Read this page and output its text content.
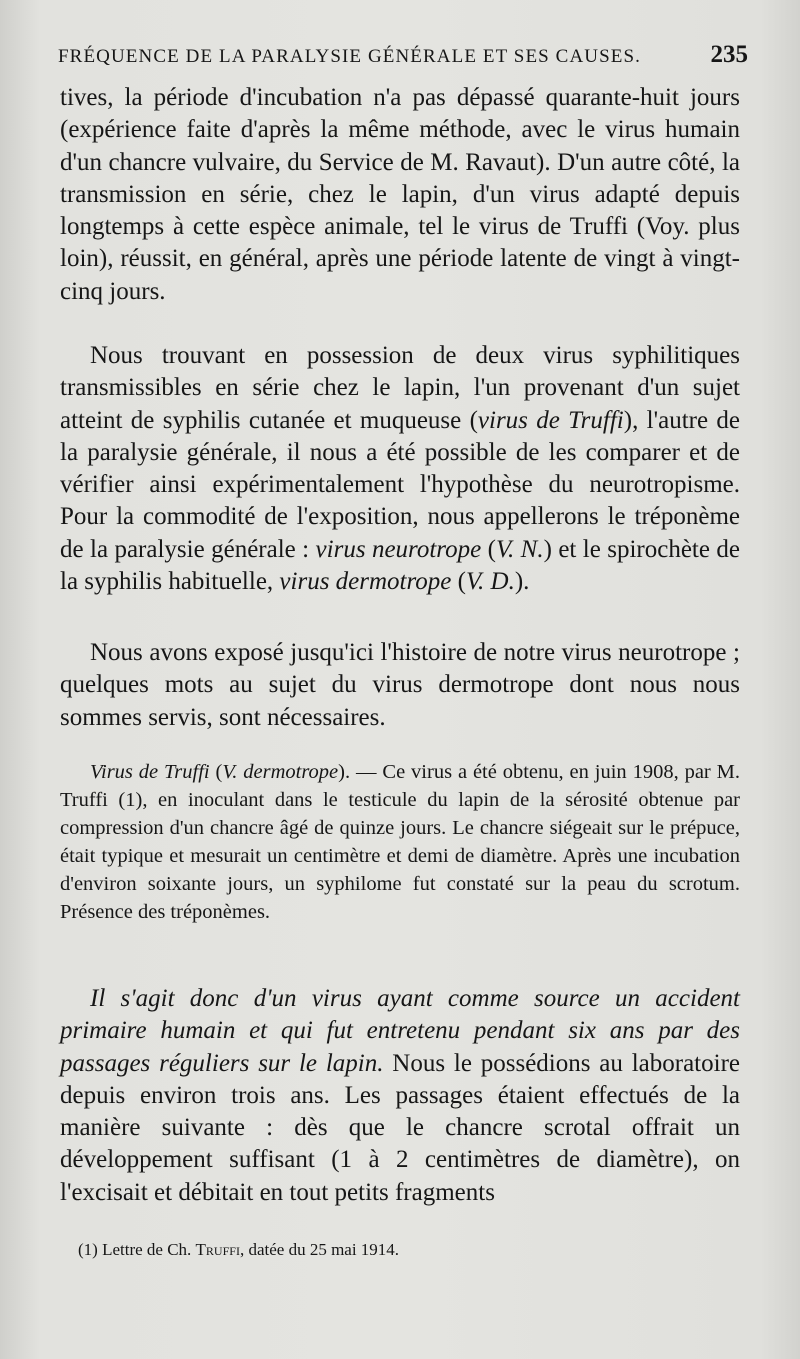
FRÉQUENCE DE LA PARALYSIE GÉNÉRALE ET SES CAUSES.	235

tives, la période d'incubation n'a pas dépassé quarante-huit jours (expérience faite d'après la même méthode, avec le virus humain d'un chancre vulvaire, du Service de M. Ravaut). D'un autre côté, la transmission en série, chez le lapin, d'un virus adapté depuis longtemps à cette espèce animale, tel le virus de Truffi (Voy. plus loin), réussit, en général, après une période latente de vingt à vingt-cinq jours.

Nous trouvant en possession de deux virus syphilitiques transmissibles en série chez le lapin, l'un provenant d'un sujet atteint de syphilis cutanée et muqueuse (virus de Truffi), l'autre de la paralysie générale, il nous a été possible de les comparer et de vérifier ainsi expérimentalement l'hypothèse du neurotropisme. Pour la commodité de l'exposition, nous appellerons le tréponème de la paralysie générale : virus neurotrope (V. N.) et le spirochète de la syphilis habituelle, virus dermotrope (V. D.).

Nous avons exposé jusqu'ici l'histoire de notre virus neurotrope ; quelques mots au sujet du virus dermotrope dont nous nous sommes servis, sont nécessaires.

Virus de Truffi (V. dermotrope). — Ce virus a été obtenu, en juin 1908, par M. Truffi (1), en inoculant dans le testicule du lapin de la sérosité obtenue par compression d'un chancre âgé de quinze jours. Le chancre siégeait sur le prépuce, était typique et mesurait un centimètre et demi de diamètre. Après une incubation d'environ soixante jours, un syphilome fut constaté sur la peau du scrotum. Présence des tréponèmes.

Il s'agit donc d'un virus ayant comme source un accident primaire humain et qui fut entretenu pendant six ans par des passages réguliers sur le lapin. Nous le possédions au laboratoire depuis environ trois ans. Les passages étaient effectués de la manière suivante : dès que le chancre scrotal offrait un développement suffisant (1 à 2 centimètres de diamètre), on l'excisait et débitait en tout petits fragments

(1) Lettre de Ch. Truffi, datée du 25 mai 1914.
